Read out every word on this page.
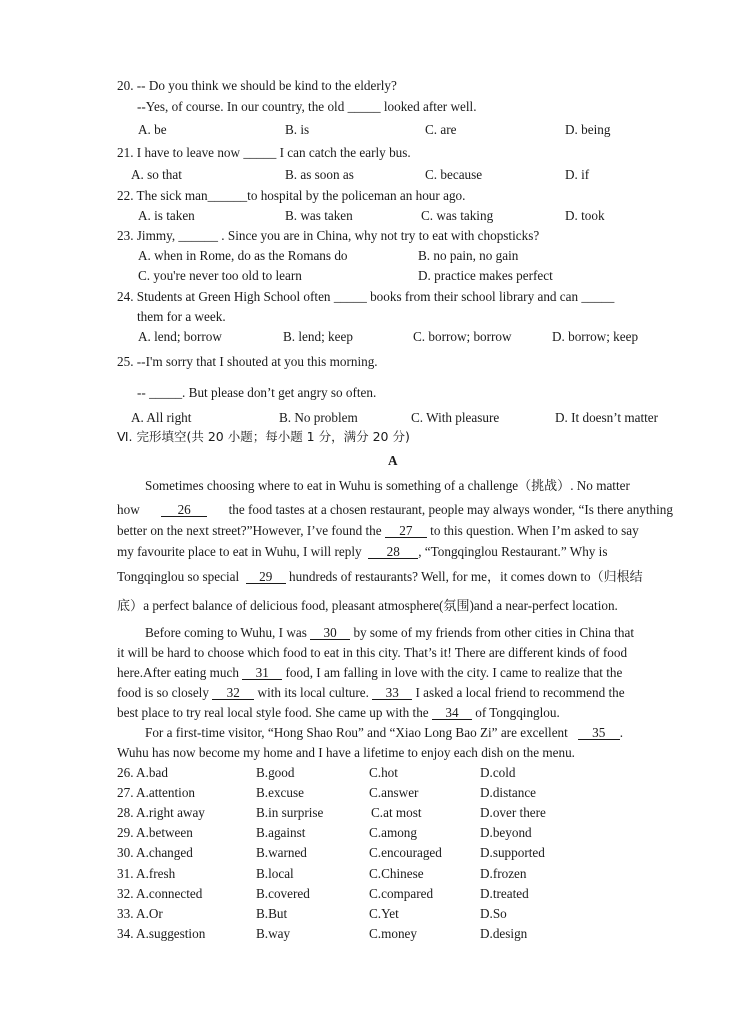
20. -- Do you think we should be kind to the elderly?
--Yes, of course. In our country, the old _____ looked after well.
A. be	B. is	C. are	D. being
21. I have to leave now _____ I can catch the early bus.
A. so that	B. as soon as	C. because	D. if
22. The sick man______to hospital by the policeman an hour ago.
A. is taken	B. was taken	C. was taking	D. took
23. Jimmy, ______ . Since you are in China, why not try to eat with chopsticks?
A. when in Rome, do as the Romans do	B. no pain, no gain
C. you're never too old to learn	D. practice makes perfect
24. Students at Green High School often _____ books from their school library and can _____
them for a week.
A. lend; borrow	B. lend; keep	C. borrow; borrow	D. borrow; keep
25. --I'm sorry that I shouted at you this morning.
-- _____. But please don’t get angry so often.
A. All right	B. No problem	C. With pleasure	D. It doesn’t matter
Ⅵ. 完形填空(共 20 小题；每小题 1 分，满分 20 分)
A
Sometimes choosing where to eat in Wuhu is something of a challenge（挑战）. No matter
how	26	the food tastes at a chosen restaurant, people may always wonder, “Is there anything
better on the next street?”However, I’ve found the 27 to this question. When I’m asked to say
my favourite place to eat in Wuhu, I will reply 28 , “Tongqinglou Restaurant.” Why is
Tongqinglou so special 29 hundreds of restaurants? Well, for me，it comes down to（归根结
底）a perfect balance of delicious food, pleasant atmosphere(氛围)and a near-perfect location.
Before coming to Wuhu, I was 30 by some of my friends from other cities in China that
it will be hard to choose which food to eat in this city. That’s it! There are different kinds of food
here.After eating much 31 food, I am falling in love with the city. I came to realize that the
food is so closely 32 with its local culture. 33 I asked a local friend to recommend the
best place to try real local style food. She came up with the 34 of Tongqinglou.
For a first-time visitor, “Hong Shao Rou” and “Xiao Long Bao Zi” are excellent 35 .
Wuhu has now become my home and I have a lifetime to enjoy each dish on the menu.
26. A.bad	B.good	C.hot	D.cold
27. A.attention	B.excuse	C.answer	D.distance
28. A.right away	B.in surprise	C.at most	D.over there
29. A.between	B.against	C.among	D.beyond
30. A.changed	B.warned	C.encouraged	D.supported
31. A.fresh	B.local	C.Chinese	D.frozen
32. A.connected	B.covered	C.compared	D.treated
33. A.Or	B.But	C.Yet	D.So
34. A.suggestion	B.way	C.money	D.design
